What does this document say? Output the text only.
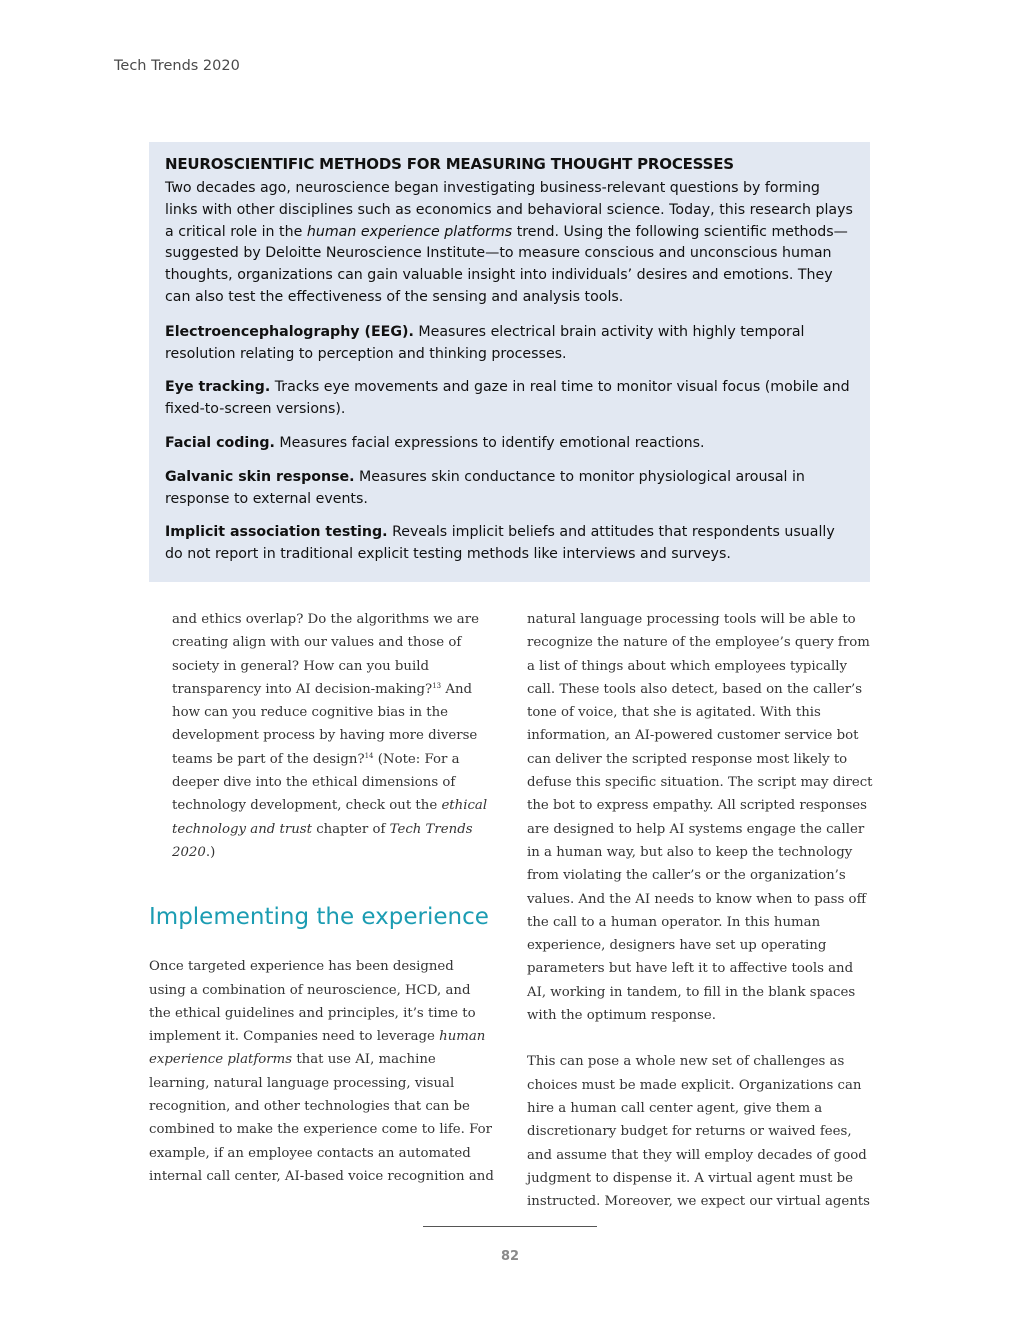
Tech Trends 2020
NEUROSCIENTIFIC METHODS FOR MEASURING THOUGHT PROCESSES

Two decades ago, neuroscience began investigating business-relevant questions by forming links with other disciplines such as economics and behavioral science. Today, this research plays a critical role in the human experience platforms trend. Using the following scientific methods—suggested by Deloitte Neuroscience Institute—to measure conscious and unconscious human thoughts, organizations can gain valuable insight into individuals’ desires and emotions. They can also test the effectiveness of the sensing and analysis tools.

Electroencephalography (EEG). Measures electrical brain activity with highly temporal resolution relating to perception and thinking processes.

Eye tracking. Tracks eye movements and gaze in real time to monitor visual focus (mobile and fixed-to-screen versions).

Facial coding. Measures facial expressions to identify emotional reactions.

Galvanic skin response. Measures skin conductance to monitor physiological arousal in response to external events.

Implicit association testing. Reveals implicit beliefs and attitudes that respondents usually do not report in traditional explicit testing methods like interviews and surveys.

and ethics overlap? Do the algorithms we are creating align with our values and those of society in general? How can you build transparency into AI decision-making?$^{13}$ And how can you reduce cognitive bias in the development process by having more diverse teams be part of the design?$^{14}$ (Note: For a deeper dive into the ethical dimensions of technology development, check out the ethical technology and trust chapter of Tech Trends 2020.)

Implementing the experience

Once targeted experience has been designed using a combination of neuroscience, HCD, and the ethical guidelines and principles, it’s time to implement it. Companies need to leverage human experience platforms that use AI, machine learning, natural language processing, visual recognition, and other technologies that can be combined to make the experience come to life. For example, if an employee contacts an automated internal call center, AI-based voice recognition and

natural language processing tools will be able to recognize the nature of the employee’s query from a list of things about which employees typically call. These tools also detect, based on the caller’s tone of voice, that she is agitated. With this information, an AI-powered customer service bot can deliver the scripted response most likely to defuse this specific situation. The script may direct the bot to express empathy. All scripted responses are designed to help AI systems engage the caller in a human way, but also to keep the technology from violating the caller’s or the organization’s values. And the AI needs to know when to pass off the call to a human operator. In this human experience, designers have set up operating parameters but have left it to affective tools and AI, working in tandem, to fill in the blank spaces with the optimum response.

This can pose a whole new set of challenges as choices must be made explicit. Organizations can hire a human call center agent, give them a discretionary budget for returns or waived fees, and assume that they will employ decades of good judgment to dispense it. A virtual agent must be instructed. Moreover, we expect our virtual agents

82
